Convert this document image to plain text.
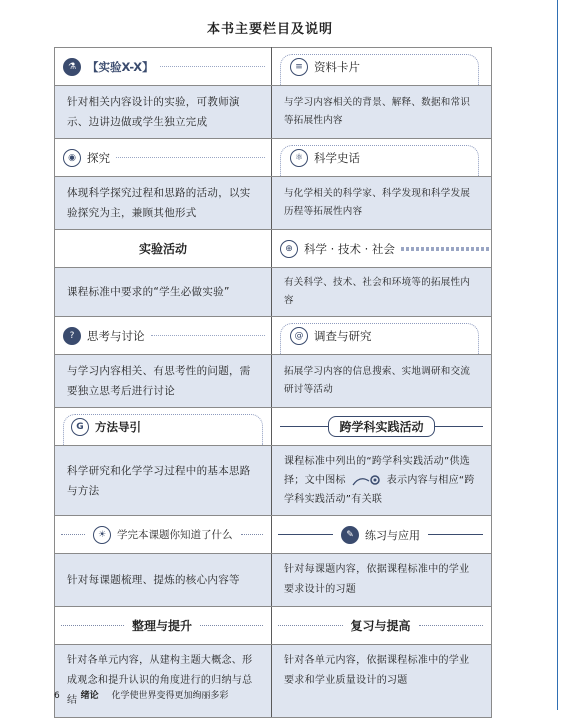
本书主要栏目及说明
⚗ 【实验X-X】	≡ 资料卡片

针对相关内容设计的实验，可教师演示、边讲边做或学生独立完成	与学习内容相关的背景、解释、数据和常识等拓展性内容

◉ 探究	⚛ 科学史话

体现科学探究过程和思路的活动，以实验探究为主，兼顾其他形式	与化学相关的科学家、科学发现和科学发展历程等拓展性内容

实验活动	⊕ 科学 · 技术 · 社会

课程标准中要求的“学生必做实验”	有关科学、技术、社会和环境等的拓展性内容

? 思考与讨论	@ 调查与研究

与学习内容相关、有思考性的问题，需要独立思考后进行讨论	拓展学习内容的信息搜索、实地调研和交流研讨等活动

G 方法导引	跨学科实践活动

科学研究和化学学习过程中的基本思路与方法	课程标准中列出的“跨学科实践活动”供选择；文中图标 表示内容与相应“跨学科实践活动”有关联

☀ 学完本课题你知道了什么	✎ 练习与应用

针对每课题梳理、提炼的核心内容等	针对每课题内容，依据课程标准中的学业要求设计的习题

整理与提升	复习与提高

针对各单元内容，从建构主题大概念、形成观念和提升认识的角度进行的归纳与总结	针对各单元内容，依据课程标准中的学业要求和学业质量设计的习题
6 绪论 化学使世界变得更加绚丽多彩
